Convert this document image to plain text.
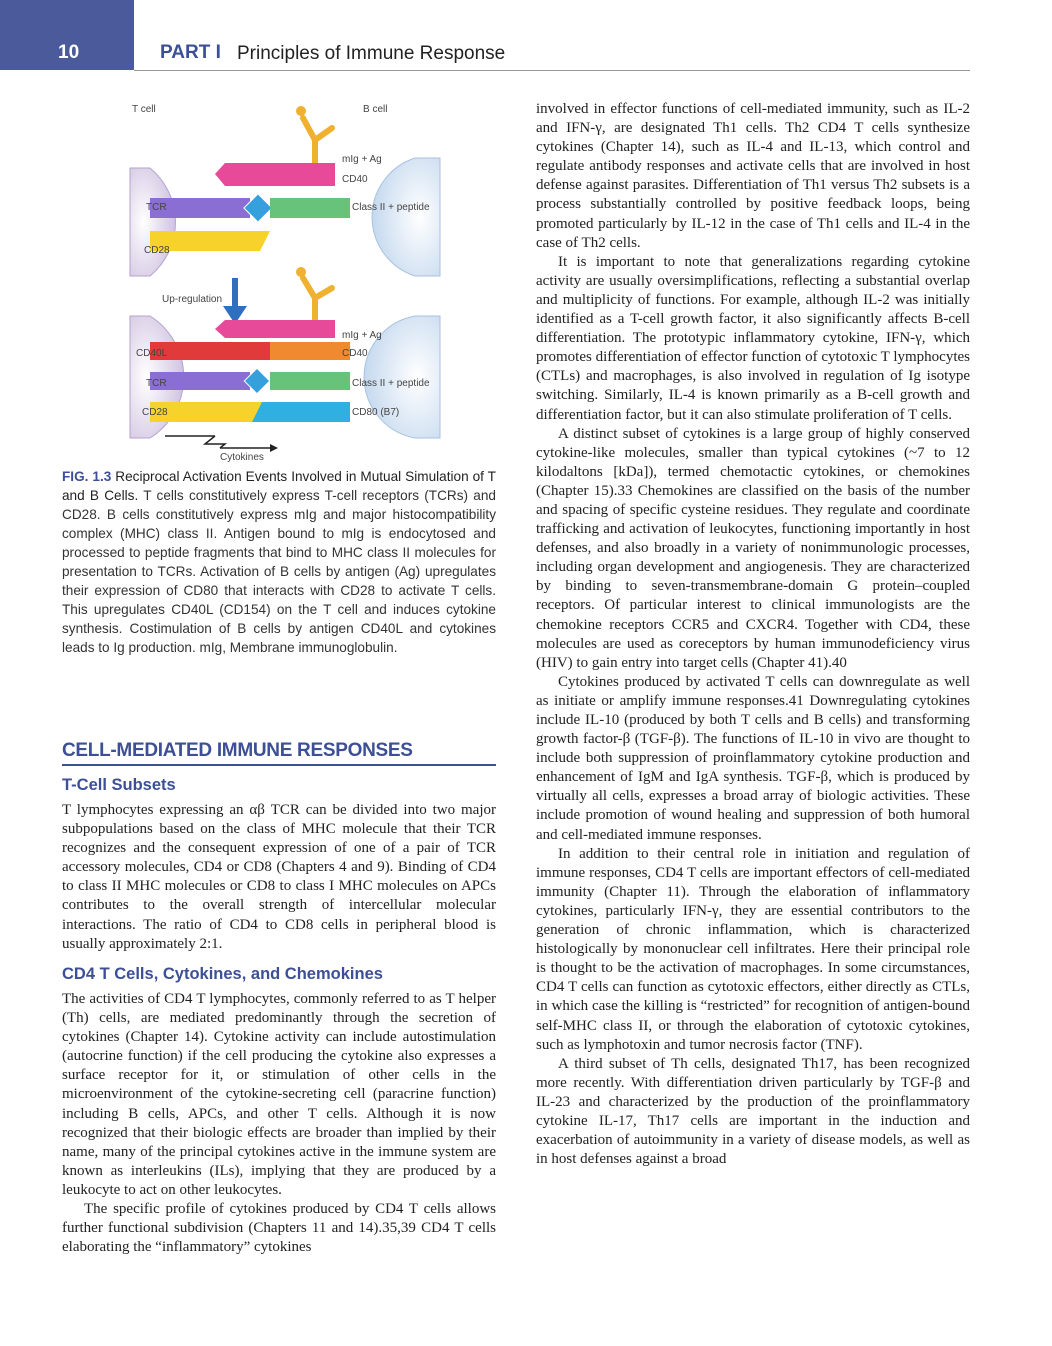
10	PART I Principles of Immune Response
T cell	B cell
mIg + Ag
CD40
TCR	Class II + peptide
CD28
Up-regulation
mIg + Ag
CD40L	CD40
TCR	Class II + peptide
CD28	CD80 (B7)
Cytokines
FIG. 1.3 Reciprocal Activation Events Involved in Mutual Simulation of T and B Cells. T cells constitutively express T-cell receptors (TCRs) and CD28. B cells constitutively express mIg and major histocompatibility complex (MHC) class II. Antigen bound to mIg is endocytosed and processed to peptide fragments that bind to MHC class II molecules for presentation to TCRs. Activation of B cells by antigen (Ag) upregulates their expression of CD80 that interacts with CD28 to activate T cells. This upregulates CD40L (CD154) on the T cell and induces cytokine synthesis. Costimulation of B cells by antigen CD40L and cytokines leads to Ig production. mIg, Membrane immunoglobulin.
CELL-MEDIATED IMMUNE RESPONSES
T-Cell Subsets

T lymphocytes expressing an αβ TCR can be divided into two major subpopulations based on the class of MHC molecule that their TCR recognizes and the consequent expression of one of a pair of TCR accessory molecules, CD4 or CD8 (Chapters 4 and 9). Binding of CD4 to class II MHC molecules or CD8 to class I MHC molecules on APCs contributes to the overall strength of intercellular molecular interactions. The ratio of CD4 to CD8 cells in peripheral blood is usually approximately 2:1.

CD4 T Cells, Cytokines, and Chemokines

The activities of CD4 T lymphocytes, commonly referred to as T helper (Th) cells, are mediated predominantly through the secretion of cytokines (Chapter 14). Cytokine activity can include autostimulation (autocrine function) if the cell producing the cytokine also expresses a surface receptor for it, or stimulation of other cells in the microenvironment of the cytokine-secreting cell (paracrine function) including B cells, APCs, and other T cells. Although it is now recognized that their biologic effects are broader than implied by their name, many of the principal cytokines active in the immune system are known as interleukins (ILs), implying that they are produced by a leukocyte to act on other leukocytes.

The specific profile of cytokines produced by CD4 T cells allows further functional subdivision (Chapters 11 and 14).35,39 CD4 T cells elaborating the “inflammatory” cytokines

involved in effector functions of cell-mediated immunity, such as IL-2 and IFN-γ, are designated Th1 cells. Th2 CD4 T cells synthesize cytokines (Chapter 14), such as IL-4 and IL-13, which control and regulate antibody responses and activate cells that are involved in host defense against parasites. Differentiation of Th1 versus Th2 subsets is a process substantially controlled by positive feedback loops, being promoted particularly by IL-12 in the case of Th1 cells and IL-4 in the case of Th2 cells.

It is important to note that generalizations regarding cytokine activity are usually oversimplifications, reflecting a substantial overlap and multiplicity of functions. For example, although IL-2 was initially identified as a T-cell growth factor, it also significantly affects B-cell differentiation. The prototypic inflammatory cytokine, IFN-γ, which promotes differentiation of effector function of cytotoxic T lymphocytes (CTLs) and macrophages, is also involved in regulation of Ig isotype switching. Similarly, IL-4 is known primarily as a B-cell growth and differentiation factor, but it can also stimulate proliferation of T cells.

A distinct subset of cytokines is a large group of highly conserved cytokine-like molecules, smaller than typical cytokines (~7 to 12 kilodaltons [kDa]), termed chemotactic cytokines, or chemokines (Chapter 15).33 Chemokines are classified on the basis of the number and spacing of specific cysteine residues. They regulate and coordinate trafficking and activation of leukocytes, functioning importantly in host defenses, and also broadly in a variety of nonimmunologic processes, including organ development and angiogenesis. They are characterized by binding to seven-transmembrane-domain G protein–coupled receptors. Of particular interest to clinical immunologists are the chemokine receptors CCR5 and CXCR4. Together with CD4, these molecules are used as coreceptors by human immunodeficiency virus (HIV) to gain entry into target cells (Chapter 41).40

Cytokines produced by activated T cells can downregulate as well as initiate or amplify immune responses.41 Downregulating cytokines include IL-10 (produced by both T cells and B cells) and transforming growth factor-β (TGF-β). The functions of IL-10 in vivo are thought to include both suppression of proinflammatory cytokine production and enhancement of IgM and IgA synthesis. TGF-β, which is produced by virtually all cells, expresses a broad array of biologic activities. These include promotion of wound healing and suppression of both humoral and cell-mediated immune responses.

In addition to their central role in initiation and regulation of immune responses, CD4 T cells are important effectors of cell-mediated immunity (Chapter 11). Through the elaboration of inflammatory cytokines, particularly IFN-γ, they are essential contributors to the generation of chronic inflammation, which is characterized histologically by mononuclear cell infiltrates. Here their principal role is thought to be the activation of macrophages. In some circumstances, CD4 T cells can function as cytotoxic effectors, either directly as CTLs, in which case the killing is “restricted” for recognition of antigen-bound self-MHC class II, or through the elaboration of cytotoxic cytokines, such as lymphotoxin and tumor necrosis factor (TNF).

A third subset of Th cells, designated Th17, has been recognized more recently. With differentiation driven particularly by TGF-β and IL-23 and characterized by the production of the proinflammatory cytokine IL-17, Th17 cells are important in the induction and exacerbation of autoimmunity in a variety of disease models, as well as in host defenses against a broad
